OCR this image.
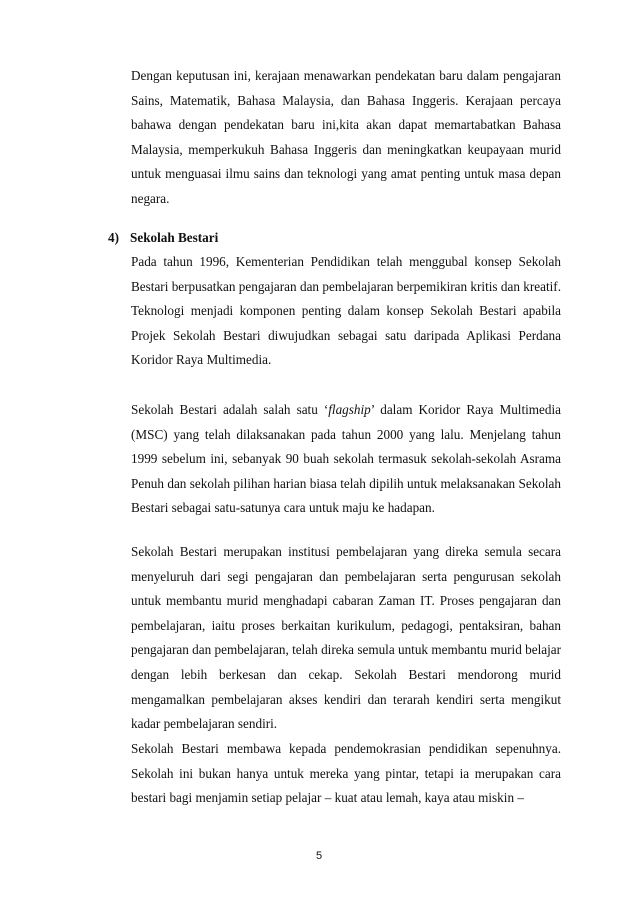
Dengan keputusan ini, kerajaan menawarkan pendekatan baru dalam pengajaran Sains, Matematik, Bahasa Malaysia, dan Bahasa Inggeris. Kerajaan percaya bahawa dengan pendekatan baru ini,kita akan dapat memartabatkan Bahasa Malaysia, memperkukuh Bahasa Inggeris dan meningkatkan keupayaan murid untuk menguasai ilmu sains dan teknologi yang amat penting untuk masa depan negara.

4) Sekolah Bestari

Pada tahun 1996, Kementerian Pendidikan telah menggubal konsep Sekolah Bestari berpusatkan pengajaran dan pembelajaran berpemikiran kritis dan kreatif. Teknologi menjadi komponen penting dalam konsep Sekolah Bestari apabila Projek Sekolah Bestari diwujudkan sebagai satu daripada Aplikasi Perdana Koridor Raya Multimedia.

Sekolah Bestari adalah salah satu ‘flagship’ dalam Koridor Raya Multimedia (MSC) yang telah dilaksanakan pada tahun 2000 yang lalu. Menjelang tahun 1999 sebelum ini, sebanyak 90 buah sekolah termasuk sekolah-sekolah Asrama Penuh dan sekolah pilihan harian biasa telah dipilih untuk melaksanakan Sekolah Bestari sebagai satu-satunya cara untuk maju ke hadapan.

Sekolah Bestari merupakan institusi pembelajaran yang direka semula secara menyeluruh dari segi pengajaran dan pembelajaran serta pengurusan sekolah untuk membantu murid menghadapi cabaran Zaman IT. Proses pengajaran dan pembelajaran, iaitu proses berkaitan kurikulum, pedagogi, pentaksiran, bahan pengajaran dan pembelajaran, telah direka semula untuk membantu murid belajar dengan lebih berkesan dan cekap. Sekolah Bestari mendorong murid mengamalkan pembelajaran akses kendiri dan terarah kendiri serta mengikut kadar pembelajaran sendiri.

Sekolah Bestari membawa kepada pendemokrasian pendidikan sepenuhnya. Sekolah ini bukan hanya untuk mereka yang pintar, tetapi ia merupakan cara bestari bagi menjamin setiap pelajar – kuat atau lemah, kaya atau miskin –

5
